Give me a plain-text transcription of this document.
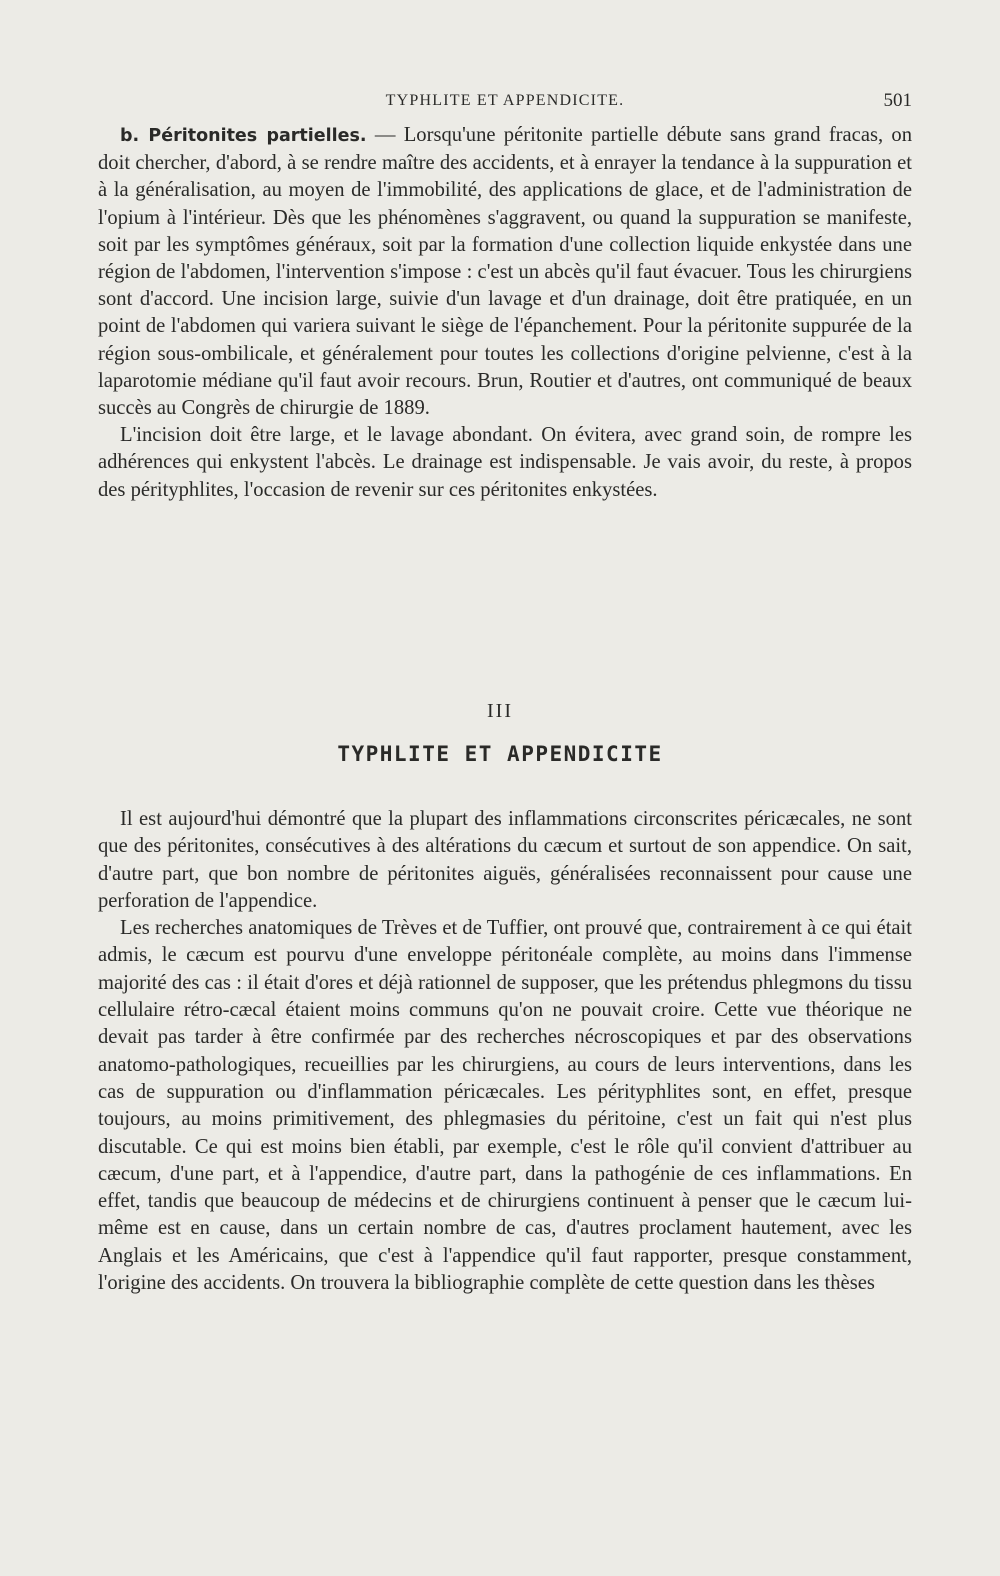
TYPHLITE ET APPENDICITE.	501

b. Péritonites partielles. — Lorsqu'une péritonite partielle débute sans grand fracas, on doit chercher, d'abord, à se rendre maître des accidents, et à enrayer la tendance à la suppuration et à la généralisation, au moyen de l'immobilité, des applications de glace, et de l'administration de l'opium à l'intérieur. Dès que les phénomènes s'aggravent, ou quand la suppuration se manifeste, soit par les symptômes généraux, soit par la formation d'une collection liquide enkystée dans une région de l'abdomen, l'intervention s'impose : c'est un abcès qu'il faut évacuer. Tous les chirurgiens sont d'accord. Une incision large, suivie d'un lavage et d'un drainage, doit être pratiquée, en un point de l'abdomen qui variera suivant le siège de l'épanchement. Pour la péritonite suppurée de la région sous-ombilicale, et généralement pour toutes les collections d'origine pelvienne, c'est à la laparotomie médiane qu'il faut avoir recours. Brun, Routier et d'autres, ont communiqué de beaux succès au Congrès de chirurgie de 1889.

L'incision doit être large, et le lavage abondant. On évitera, avec grand soin, de rompre les adhérences qui enkystent l'abcès. Le drainage est indispensable. Je vais avoir, du reste, à propos des pérityphlites, l'occasion de revenir sur ces péritonites enkystées.

III
TYPHLITE ET APPENDICITE

Il est aujourd'hui démontré que la plupart des inflammations circonscrites péricæcales, ne sont que des péritonites, consécutives à des altérations du cæcum et surtout de son appendice. On sait, d'autre part, que bon nombre de péritonites aiguës, généralisées reconnaissent pour cause une perforation de l'appendice.

Les recherches anatomiques de Trèves et de Tuffier, ont prouvé que, contrairement à ce qui était admis, le cæcum est pourvu d'une enveloppe péritonéale complète, au moins dans l'immense majorité des cas : il était d'ores et déjà rationnel de supposer, que les prétendus phlegmons du tissu cellulaire rétro-cæcal étaient moins communs qu'on ne pouvait croire. Cette vue théorique ne devait pas tarder à être confirmée par des recherches nécroscopiques et par des observations anatomo-pathologiques, recueillies par les chirurgiens, au cours de leurs interventions, dans les cas de suppuration ou d'inflammation péricæcales. Les pérityphlites sont, en effet, presque toujours, au moins primitivement, des phlegmasies du péritoine, c'est un fait qui n'est plus discutable. Ce qui est moins bien établi, par exemple, c'est le rôle qu'il convient d'attribuer au cæcum, d'une part, et à l'appendice, d'autre part, dans la pathogénie de ces inflammations. En effet, tandis que beaucoup de médecins et de chirurgiens continuent à penser que le cæcum lui-même est en cause, dans un certain nombre de cas, d'autres proclament hautement, avec les Anglais et les Américains, que c'est à l'appendice qu'il faut rapporter, presque constamment, l'origine des accidents. On trouvera la bibliographie complète de cette question dans les thèses
